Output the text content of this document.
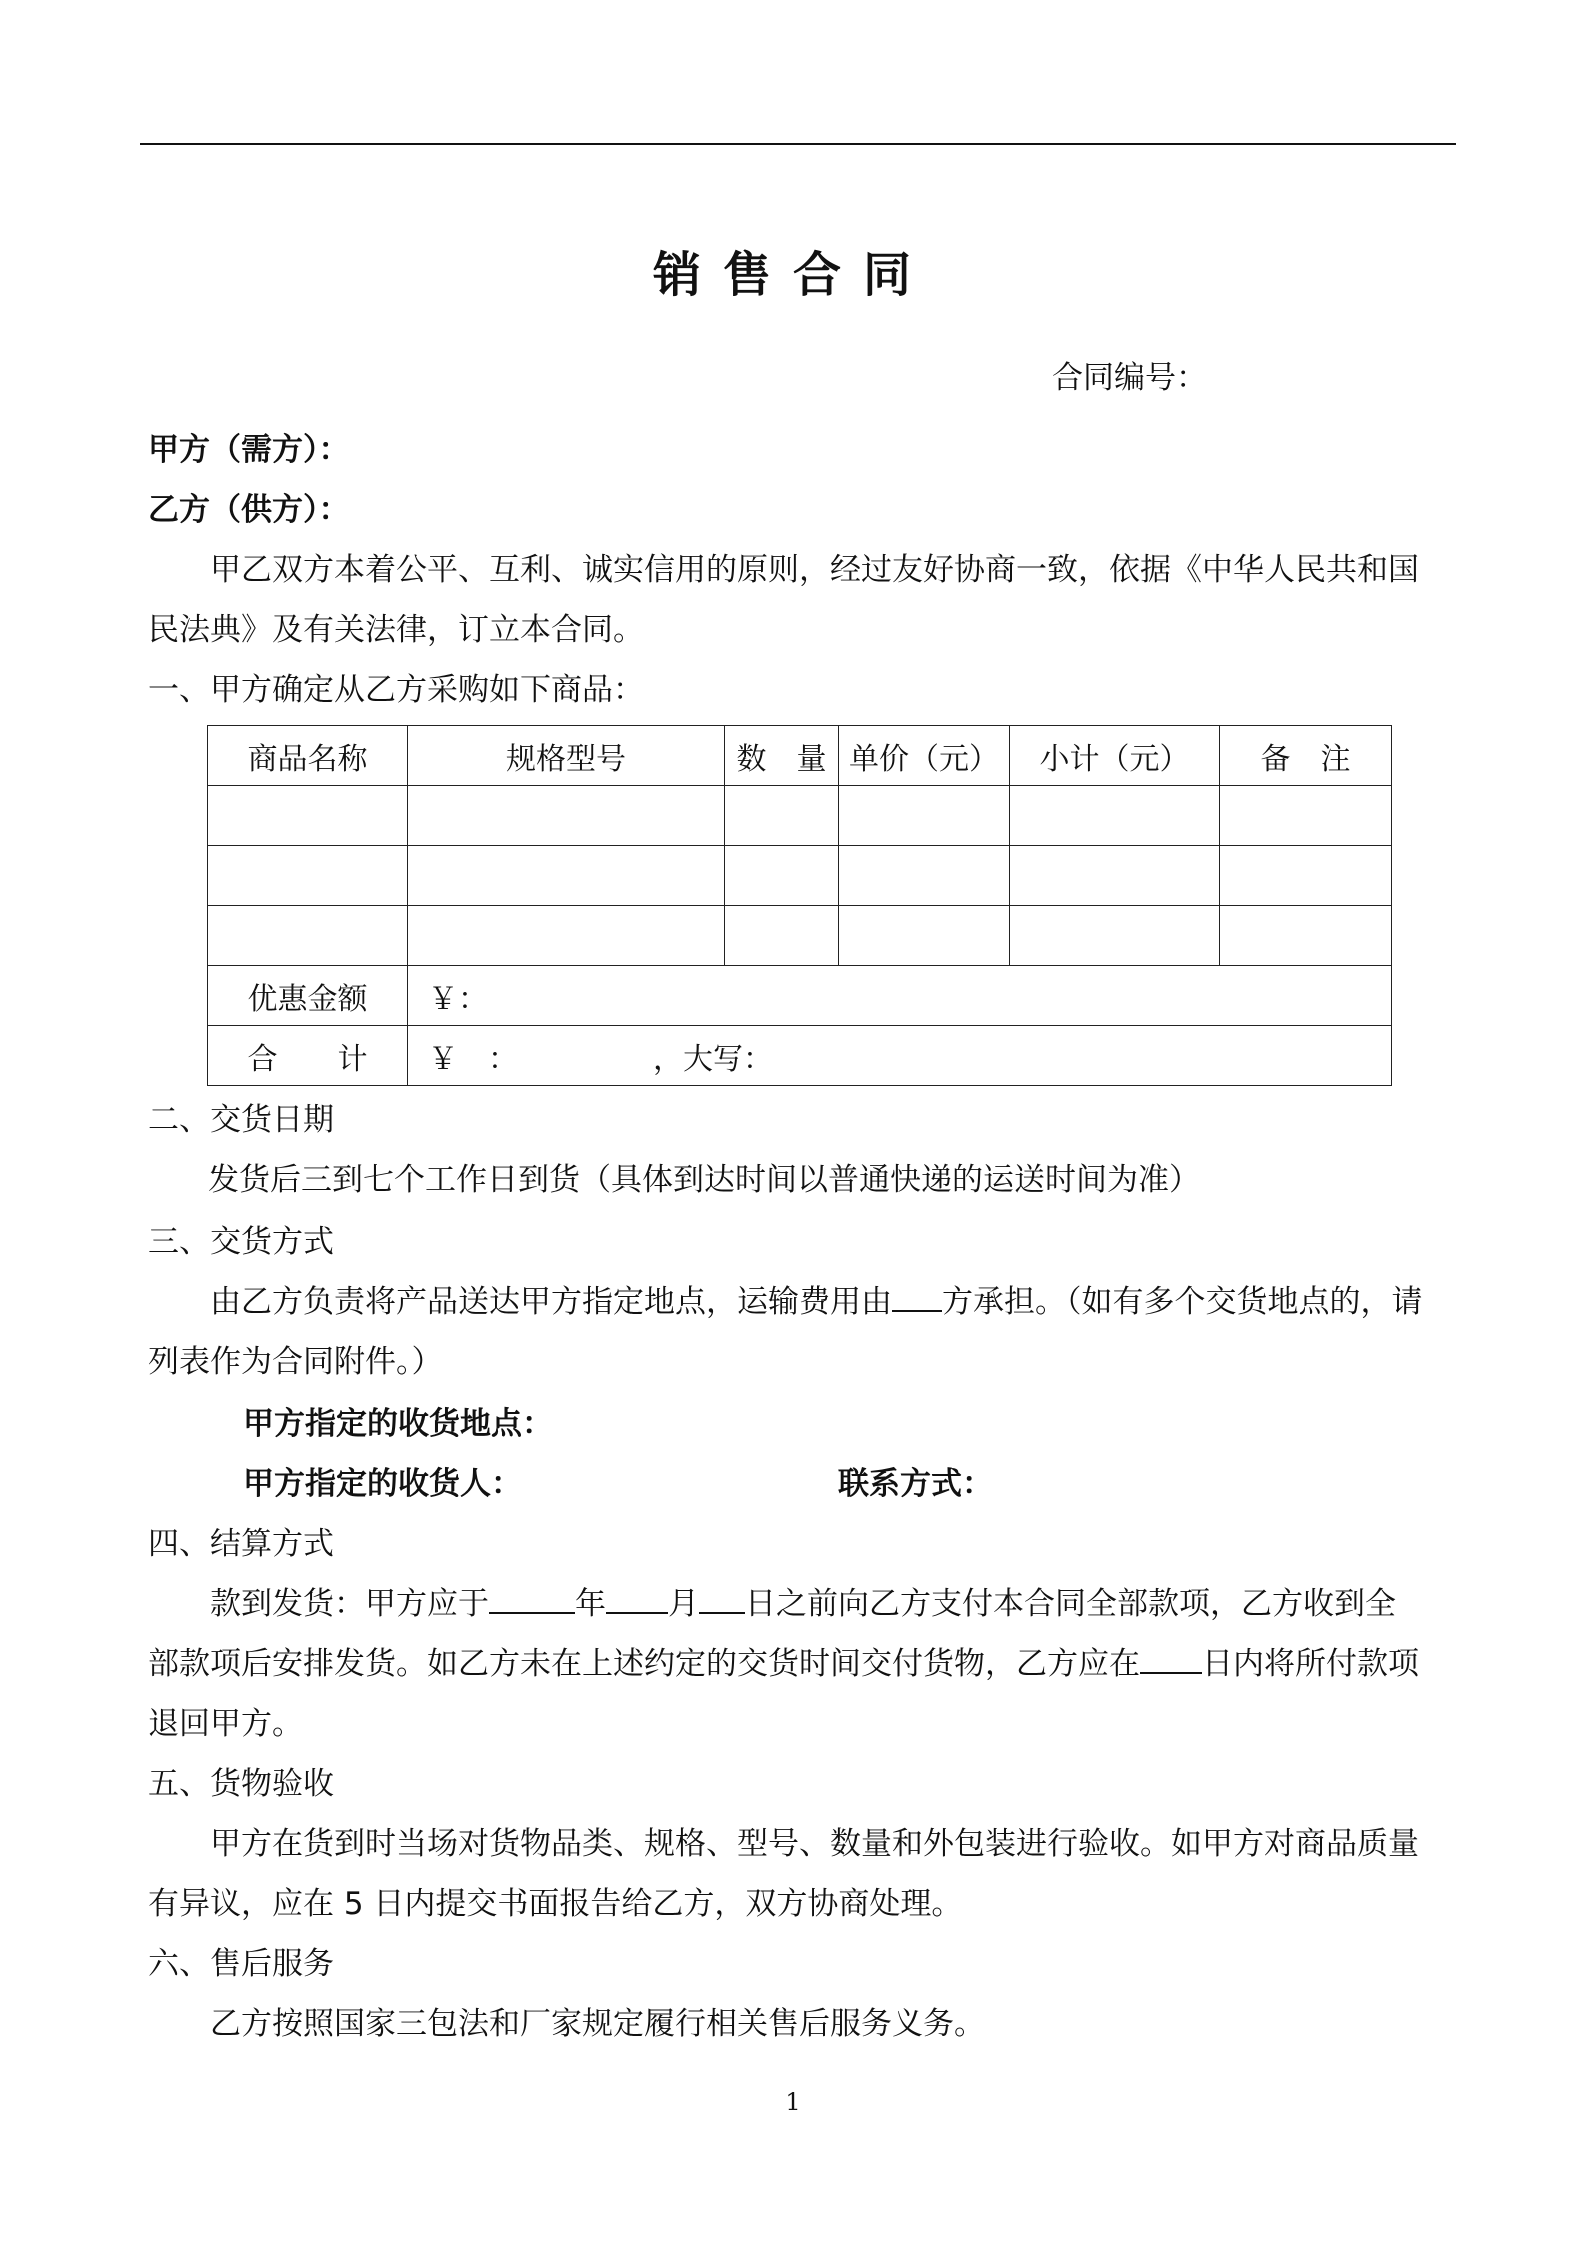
销售合同
合同编号：
甲方（需方）：
乙方（供方）：
甲乙双方本着公平、互利、诚实信用的原则，经过友好协商一致，依据《中华人民共和国
民法典》及有关法律，订立本合同。
一、甲方确定从乙方采购如下商品：
商品名称	规格型号	数　量	单价（元）	小计（元）	备　注

优惠金额	￥：				
合　　计	￥　：　　　　　，大写：				
二、交货日期
发货后三到七个工作日到货（具体到达时间以普通快递的运送时间为准）
三、交货方式
由乙方负责将产品送达甲方指定地点，运输费用由 方承担。（如有多个交货地点的，请
列表作为合同附件。）
甲方指定的收货地点：
甲方指定的收货人：	联系方式：
四、结算方式
款到发货：甲方应于	年 月 日之前向乙方支付本合同全部款项，乙方收到全
部款项后安排发货。如乙方未在上述约定的交货时间交付货物，乙方应在 日内将所付款项
退回甲方。
五、货物验收
甲方在货到时当场对货物品类、规格、型号、数量和外包装进行验收。如甲方对商品质量
有异议，应在 5 日内提交书面报告给乙方，双方协商处理。
六、售后服务
乙方按照国家三包法和厂家规定履行相关售后服务义务。
1
